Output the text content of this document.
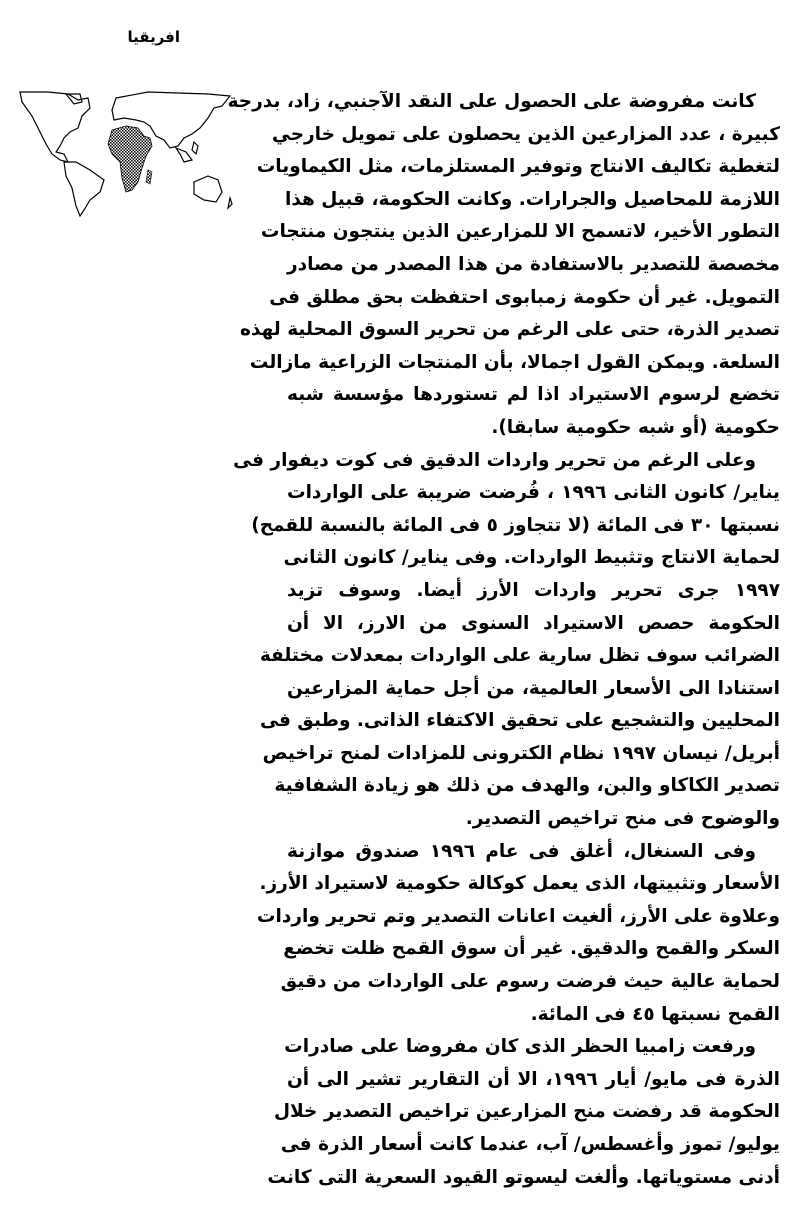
افريقيا
كانت مفروضة على الحصول على النقد الآجنبي، زاد، بدرجة
كبيرة ، عدد المزارعين الذين يحصلون على تمويل خارجي
لتغطية تكاليف الانتاج وتوفير المستلزمات، مثل الكيماويات
اللازمة للمحاصيل والجرارات. وكانت الحكومة، قبيل هذا
التطور الأخير، لاتسمح الا للمزارعين الذين ينتجون منتجات
مخصصة للتصدير بالاستفادة من هذا المصدر من مصادر
التمويل. غير أن حكومة زمبابوى احتفظت بحق مطلق فى
تصدير الذرة، حتى على الرغم من تحرير السوق المحلية لهذه
السلعة. ويمكن القول اجمالا، بأن المنتجات الزراعية مازالت
تخضع لرسوم الاستيراد اذا لم تستوردها مؤسسة شبه
حكومية (أو شبه حكومية سابقا).
وعلى الرغم من تحرير واردات الدقيق فى كوت ديفوار فى
يناير/ كانون الثانى ١٩٩٦ ، فُرضت ضريبة على الواردات
نسبتها ٣٠ فى المائة (لا تتجاوز ٥ فى المائة بالنسبة للقمح)
لحماية الانتاج وتثبيط الواردات. وفى يناير/ كانون الثانى
١٩٩٧ جرى تحرير واردات الأرز أيضا. وسوف تزيد
الحكومة حصص الاستيراد السنوى من الارز، الا أن
الضرائب سوف تظل سارية على الواردات بمعدلات مختلفة
استنادا الى الأسعار العالمية، من أجل حماية المزارعين
المحليين والتشجيع على تحقيق الاكتفاء الذاتى. وطبق فى
أبريل/ نيسان ١٩٩٧ نظام الكترونى للمزادات لمنح تراخيص
تصدير الكاكاو والبن، والهدف من ذلك هو زيادة الشفافية
والوضوح فى منح تراخيص التصدير.
وفى السنغال، أغلق فى عام ١٩٩٦ صندوق موازنة
الأسعار وتثبيتها، الذى يعمل كوكالة حكومية لاستيراد الأرز.
وعلاوة على الأرز، ألغيت اعانات التصدير وتم تحرير واردات
السكر والقمح والدقيق. غير أن سوق القمح ظلت تخضع
لحماية عالية حيث فرضت رسوم على الواردات من دقيق
القمح نسبتها ٤٥ فى المائة.
ورفعت زامبيا الحظر الذى كان مفروضا على صادرات
الذرة فى مايو/ أيار ١٩٩٦، الا أن التقارير تشير الى أن
الحكومة قد رفضت منح المزارعين تراخيص التصدير خلال
يوليو/ تموز وأغسطس/ آب، عندما كانت أسعار الذرة فى
أدنى مستوياتها. وألغت ليسوتو القيود السعرية التى كانت
